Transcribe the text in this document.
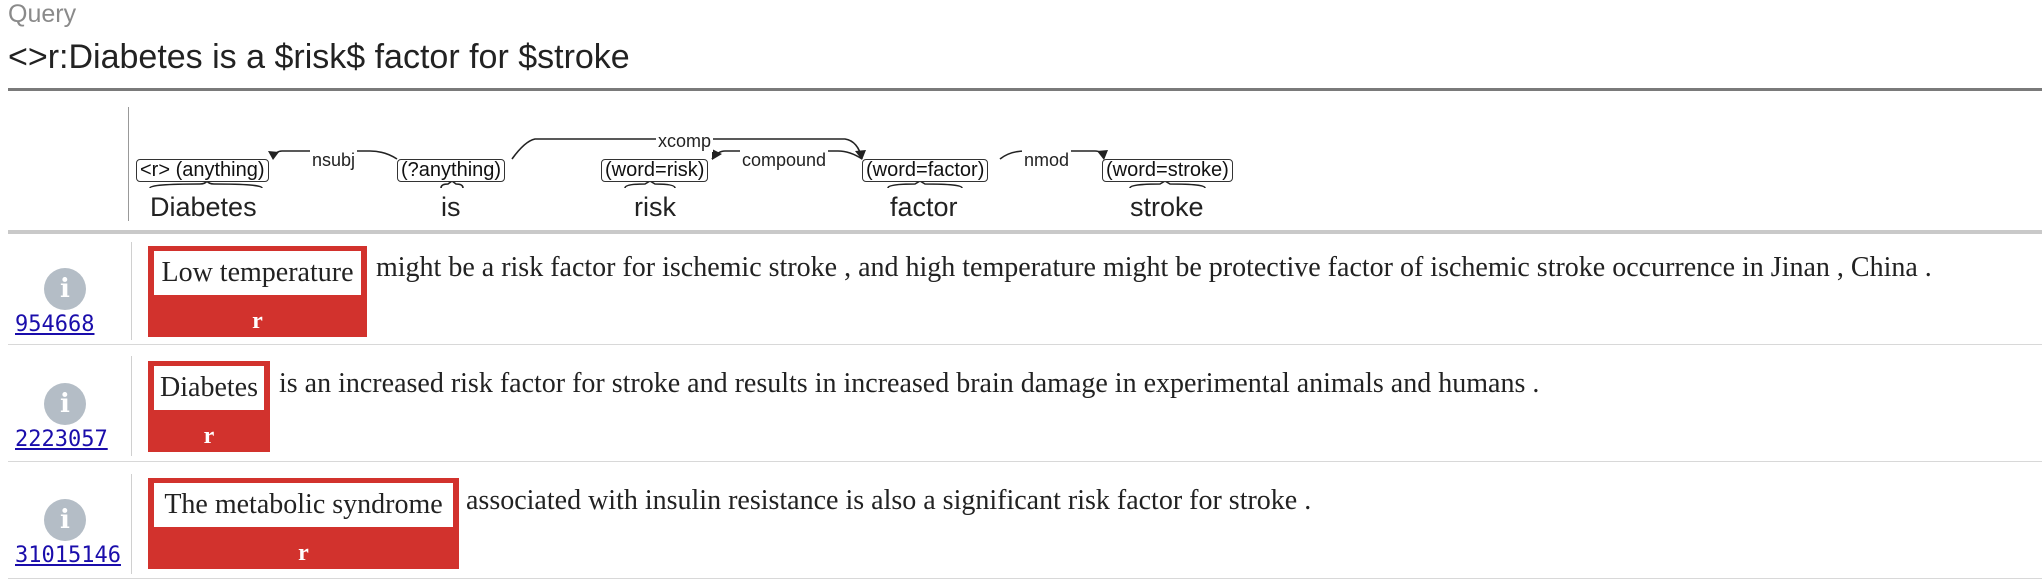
Query
<>r:Diabetes is a $risk$ factor for $stroke
nsubj
xcomp
compound	nmod
<r> (anything)	(?anything)	(word=risk)	(word=factor)	(word=stroke)
Diabetes	is	risk	factor	stroke
i
954668
Low temperature
r
might be a risk factor for ischemic stroke , and high temperature might be protective factor of ischemic stroke occurrence in Jinan , China .
i
2223057
Diabetes
r
is an increased risk factor for stroke and results in increased brain damage in experimental animals and humans .
i
31015146
The metabolic syndrome
r
associated with insulin resistance is also a significant risk factor for stroke .
